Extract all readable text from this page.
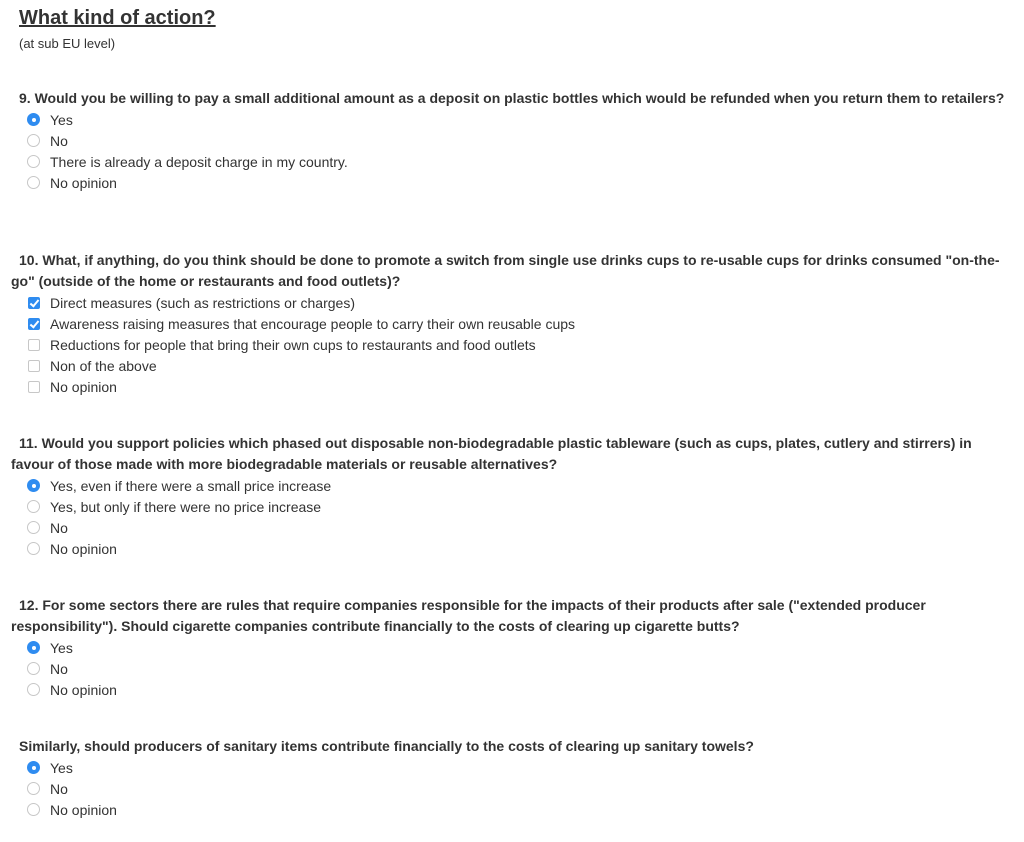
What kind of action?
(at sub EU level)
9. Would you be willing to pay a small additional amount as a deposit on plastic bottles which would be refunded when you return them to retailers?
Yes
No
There is already a deposit charge in my country.
No opinion
10. What, if anything, do you think should be done to promote a switch from single use drinks cups to re-usable cups for drinks consumed "on-the-go" (outside of the home or restaurants and food outlets)?
Direct measures (such as restrictions or charges)
Awareness raising measures that encourage people to carry their own reusable cups
Reductions for people that bring their own cups to restaurants and food outlets
Non of the above
No opinion
11. Would you support policies which phased out disposable non-biodegradable plastic tableware (such as cups, plates, cutlery and stirrers) in favour of those made with more biodegradable materials or reusable alternatives?
Yes, even if there were a small price increase
Yes, but only if there were no price increase
No
No opinion
12. For some sectors there are rules that require companies responsible for the impacts of their products after sale ("extended producer responsibility"). Should cigarette companies contribute financially to the costs of clearing up cigarette butts?
Yes
No
No opinion
Similarly, should producers of sanitary items contribute financially to the costs of clearing up sanitary towels?
Yes
No
No opinion
